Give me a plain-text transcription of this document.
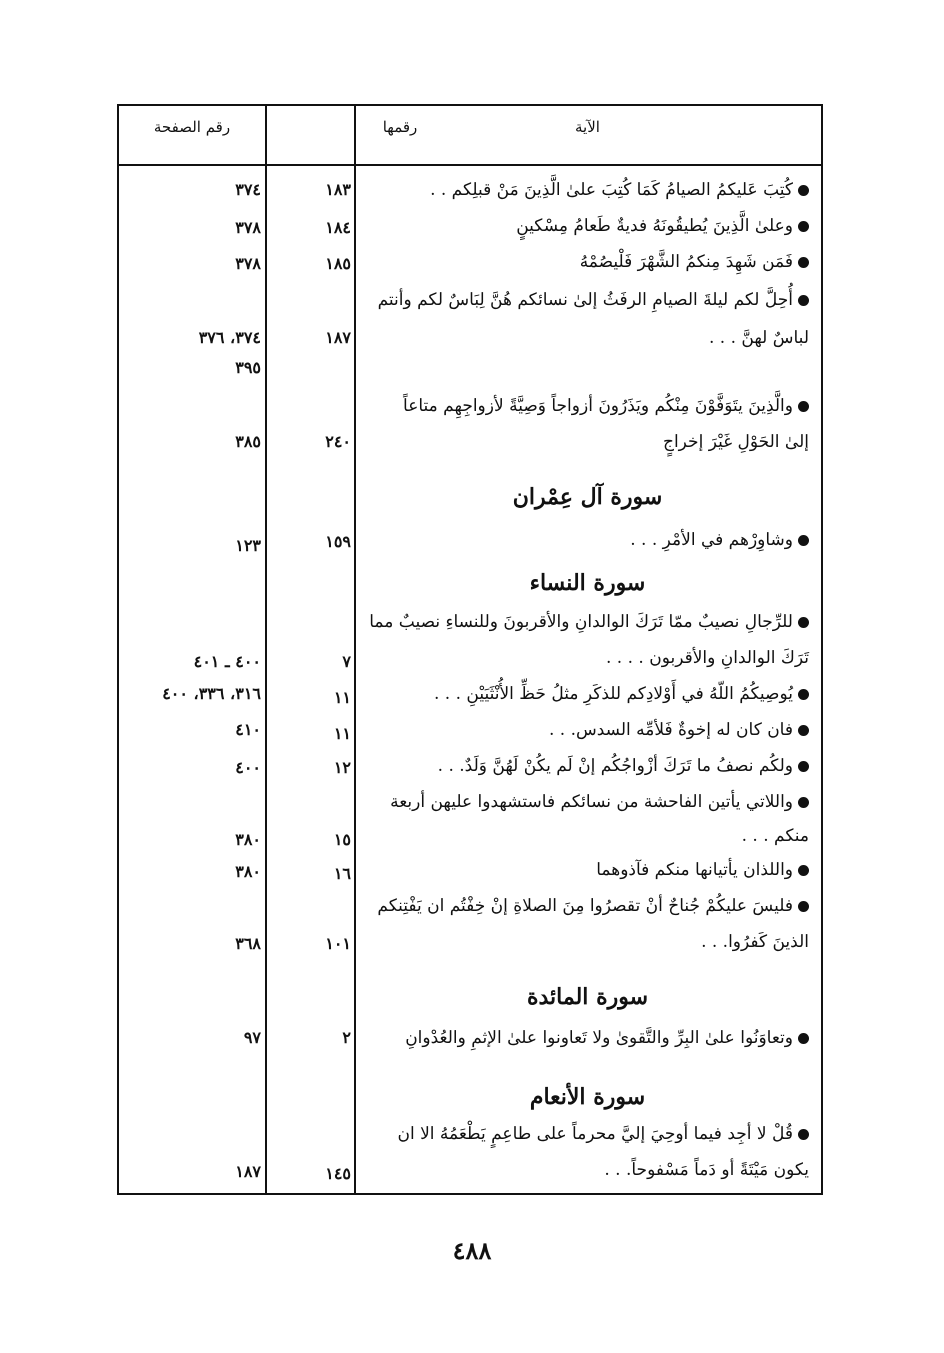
الآية
رقمها
رقم الصفحة
كُتِبَ عَليكمُ الصيامُ كَمَا كُتِبَ علىٰ الَّذِينَ مَنْ قبلِكم . .
١٨٣
٣٧٤
وعلىٰ الَّذِينَ يُطيقُونَهُ فديةٌ طَعامُ مِسْكينٍ
١٨٤
٣٧٨
فَمَن شَهِدَ مِنكمُ الشَّهْرَ فَلْيصُمْهُ
١٨٥
٣٧٨
أُحِلَّ لكم ليلةَ الصيامِ الرفَثُ إلىٰ نسائكم هُنَّ لِبَاسٌ لكم وأنتم
لباسٌ لهنَّ . . .
١٨٧
٣٧٤، ٣٧٦
٣٩٥
والَّذِينَ يتَوَفَّوْنَ مِنْكُم ويَذَرُونَ أزواجاً وَصِيَّةً لأزواجِهِم متاعاً
إلىٰ الحَوْلِ غَيْرَ إخراجٍ
٢٤٠
٣٨٥
سورة آل عِمْران
وشاوِرْهم في الأمْرِ . . .
١٥٩
١٢٣
سورة النساء
للرِّجالِ نصيبٌ ممّا تَرَكَ الوالدانِ والأقربونَ وللنساءِ نصيبٌ مما
تَرَكَ الوالدانِ والأقربون . . . .
٧
٤٠٠ ـ ٤٠١
يُوصِيكُمُ اللّهُ في أَوْلادِكم للذكَرِ مثلُ حَظِّ الأُنْثَيَيْنِ . . .
١١
٣١٦، ٣٣٦، ٤٠٠
فان كان له إخوةٌ فَلأمِّه السدس. . .
١١
٤١٠
ولكُم نصفُ ما تَرَكَ أزْواجُكُم إنْ لَم يكُنْ لَهُنَّ وَلَدٌ. . .
١٢
٤٠٠
واللاتي يأتين الفاحشة من نسائكم فاستشهدوا عليهن أربعة
منكم . . .
١٥
٣٨٠
واللذان يأتيانها منكم فآذوهما
١٦
٣٨٠
فليسَ عليكُمْ جُناحٌ أنْ تقصرُوا مِنَ الصلاةِ إنْ خِفْتُم ان يَفْتِنكم
الذينَ كَفرُوا. . .
١٠١
٣٦٨
سورة المائدة
وتعاوَنُوا علىٰ البِرِّ والتَّقوىٰ ولا تَعاونوا علىٰ الإثمِ والعُدْوانِ
٢
٩٧
سورة الأنعام
قُلْ لا أجِد فيما أوحِيَ إليَّ محرماً على طاعِمٍ يَطْعَمُهُ الا ان
يكون مَيْتَةً أو دَماً مَسْفوحاً. . .
١٤٥
١٨٧
٤٨٨
